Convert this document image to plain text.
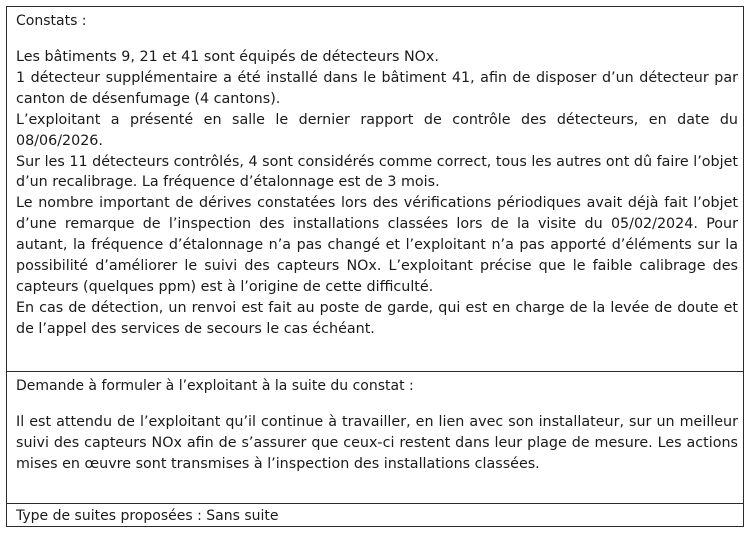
Constats :
Les bâtiments 9, 21 et 41 sont équipés de détecteurs NOx.
1 détecteur supplémentaire a été installé dans le bâtiment 41, afin de disposer d’un détecteur par canton de désenfumage (4 cantons).
L’exploitant a présenté en salle le dernier rapport de contrôle des détecteurs, en date du 08/06/2026.
Sur les 11 détecteurs contrôlés, 4 sont considérés comme correct, tous les autres ont dû faire l’objet d’un recalibrage. La fréquence d’étalonnage est de 3 mois.
Le nombre important de dérives constatées lors des vérifications périodiques avait déjà fait l’objet d’une remarque de l’inspection des installations classées lors de la visite du 05/02/2024. Pour autant, la fréquence d’étalonnage n’a pas changé et l’exploitant n’a pas apporté d’éléments sur la possibilité d’améliorer le suivi des capteurs NOx. L’exploitant précise que le faible calibrage des capteurs (quelques ppm) est à l’origine de cette difficulté.
En cas de détection, un renvoi est fait au poste de garde, qui est en charge de la levée de doute et de l’appel des services de secours le cas échéant.
Demande à formuler à l’exploitant à la suite du constat :
Il est attendu de l’exploitant qu’il continue à travailler, en lien avec son installateur, sur un meilleur suivi des capteurs NOx afin de s’assurer que ceux-ci restent dans leur plage de mesure. Les actions mises en œuvre sont transmises à l’inspection des installations classées.
Type de suites proposées : Sans suite
